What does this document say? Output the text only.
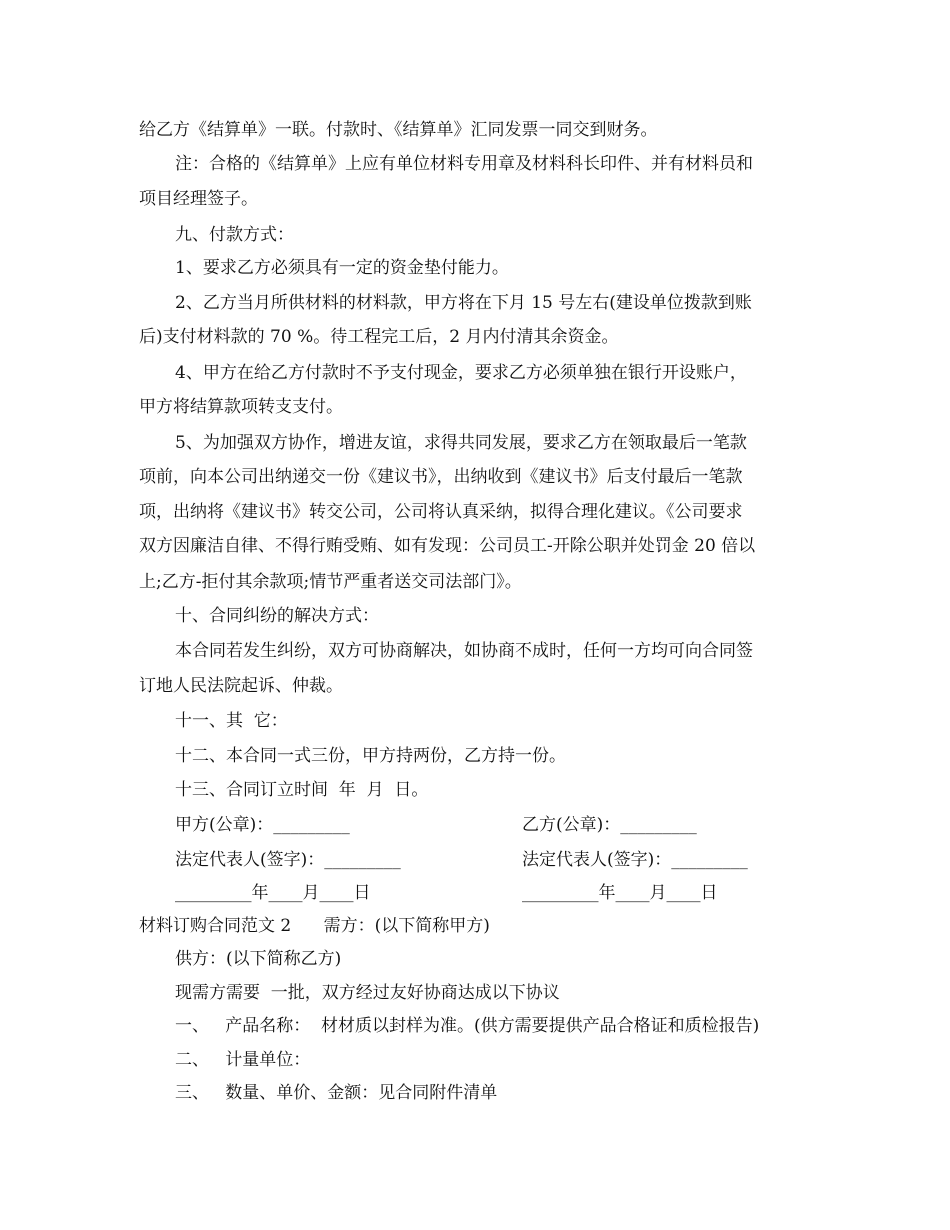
给乙方《结算单》一联。付款时、《结算单》汇同发票一同交到财务。
注：合格的《结算单》上应有单位材料专用章及材料科长印件、并有材料员和
项目经理签子。
九、付款方式：
1、要求乙方必须具有一定的资金垫付能力。
2、乙方当月所供材料的材料款，甲方将在下月 15 号左右(建设单位拨款到账
后)支付材料款的 70 %。待工程完工后，2 月内付清其余资金。
4、甲方在给乙方付款时不予支付现金，要求乙方必须单独在银行开设账户，
甲方将结算款项转支支付。
5、为加强双方协作，增进友谊，求得共同发展，要求乙方在领取最后一笔款
项前，向本公司出纳递交一份《建议书》，出纳收到《建议书》后支付最后一笔款
项，出纳将《建议书》转交公司，公司将认真采纳，拟得合理化建议。《公司要求
双方因廉洁自律、不得行贿受贿、如有发现：公司员工-开除公职并处罚金 20 倍以
上;乙方-拒付其余款项;情节严重者送交司法部门》。
十、合同纠纷的解决方式：
本合同若发生纠纷，双方可协商解决，如协商不成时，任何一方均可向合同签
订地人民法院起诉、仲裁。
十一、其  它：
十二、本合同一式三份，甲方持两份，乙方持一份。
十三、合同订立时间  年  月  日。
甲方(公章)：_________	乙方(公章)：_________
法定代表人(签字)：_________	法定代表人(签字)：_________
_________年____月____日	_________年____月____日
材料订购合同范文 2      需方：(以下简称甲方)
供方：(以下简称乙方)
现需方需要  一批，双方经过友好协商达成以下协议
一、   产品名称：  材材质以封样为准。(供方需要提供产品合格证和质检报告)
二、   计量单位：
三、   数量、单价、金额：见合同附件清单
